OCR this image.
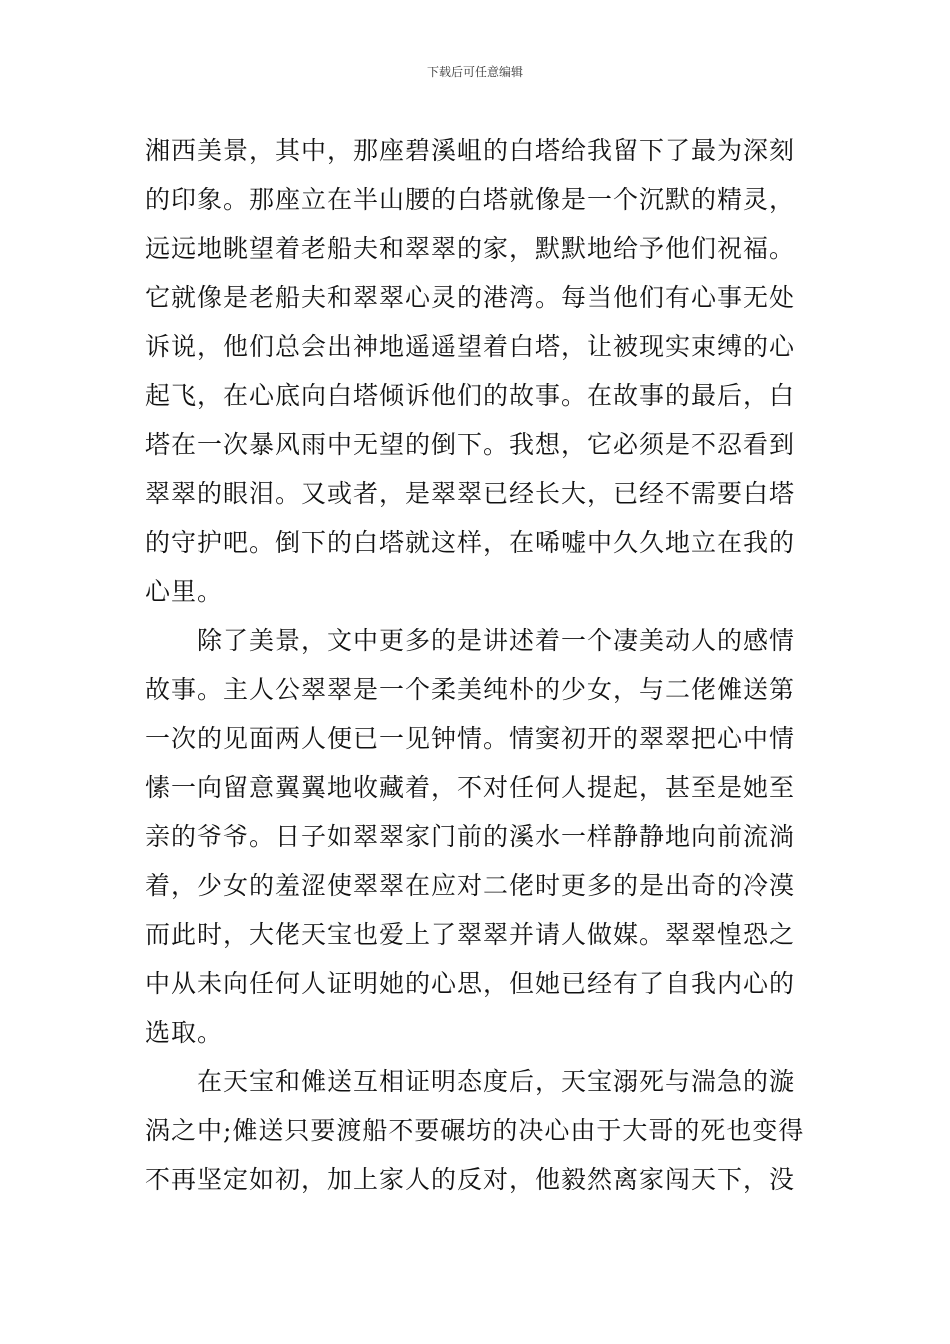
下载后可任意编辑
湘西美景，其中，那座碧溪岨的白塔给我留下了最为深刻
的印象。那座立在半山腰的白塔就像是一个沉默的精灵，
远远地眺望着老船夫和翠翠的家，默默地给予他们祝福。
它就像是老船夫和翠翠心灵的港湾。每当他们有心事无处
诉说，他们总会出神地遥遥望着白塔，让被现实束缚的心
起飞，在心底向白塔倾诉他们的故事。在故事的最后，白
塔在一次暴风雨中无望的倒下。我想，它必须是不忍看到
翠翠的眼泪。又或者，是翠翠已经长大，已经不需要白塔
的守护吧。倒下的白塔就这样，在唏嘘中久久地立在我的
心里。
除了美景，文中更多的是讲述着一个凄美动人的感情
故事。主人公翠翠是一个柔美纯朴的少女，与二佬傩送第
一次的见面两人便已一见钟情。情窦初开的翠翠把心中情
愫一向留意翼翼地收藏着，不对任何人提起，甚至是她至
亲的爷爷。日子如翠翠家门前的溪水一样静静地向前流淌
着，少女的羞涩使翠翠在应对二佬时更多的是出奇的冷漠
而此时，大佬天宝也爱上了翠翠并请人做媒。翠翠惶恐之
中从未向任何人证明她的心思，但她已经有了自我内心的
选取。
在天宝和傩送互相证明态度后，天宝溺死与湍急的漩
涡之中;傩送只要渡船不要碾坊的决心由于大哥的死也变得
不再坚定如初，加上家人的反对，他毅然离家闯天下，没
